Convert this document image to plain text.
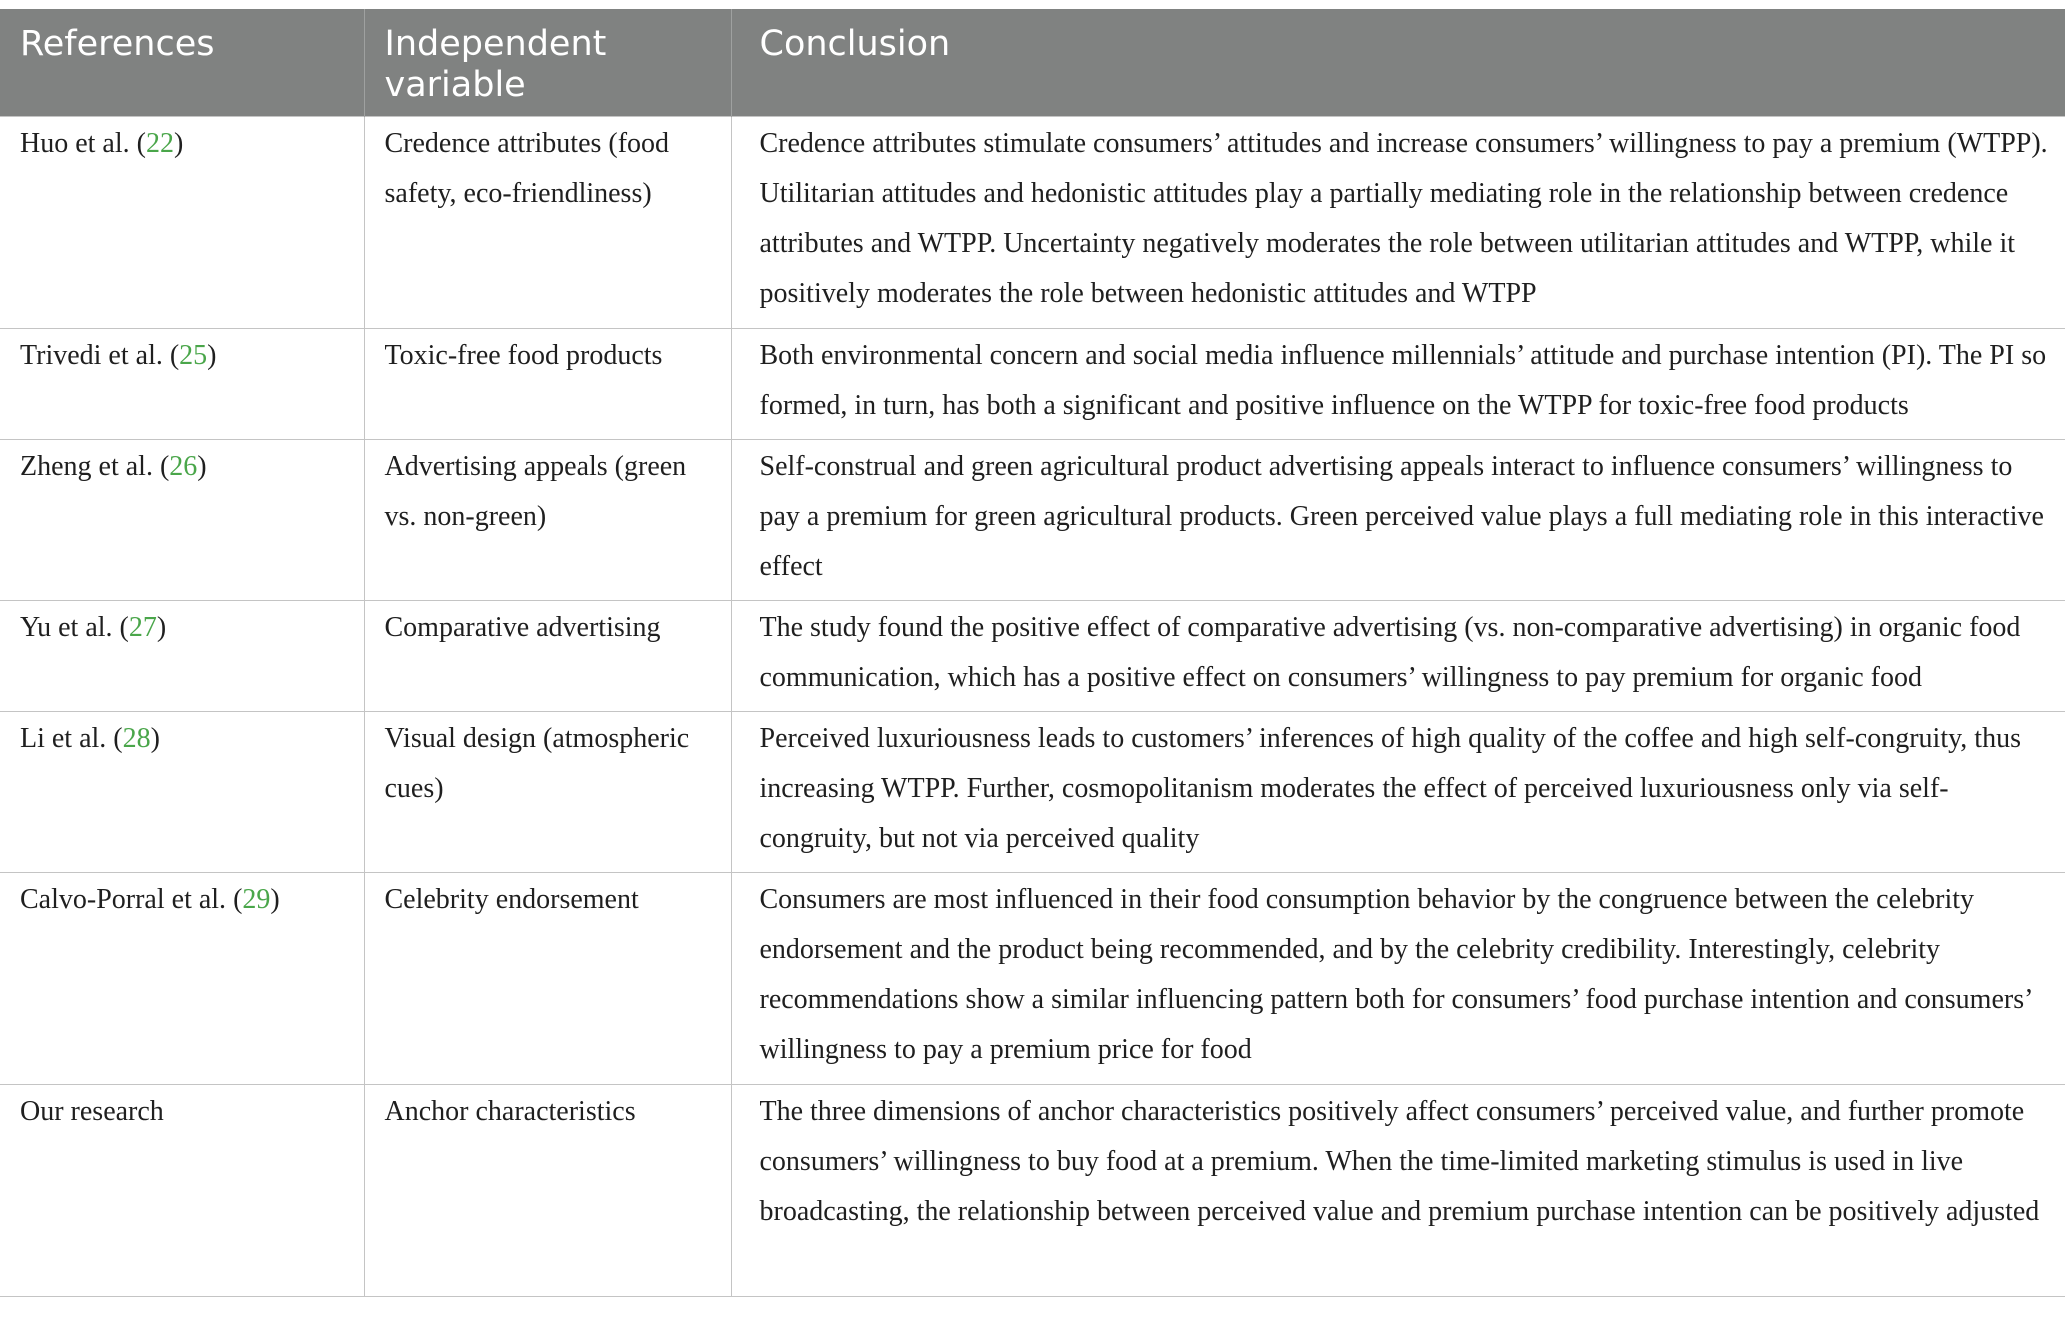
References	Independent variable	Conclusion
Huo et al. (22)	Credence attributes (food safety, eco-friendliness)	Credence attributes stimulate consumers’ attitudes and increase consumers’ willingness to pay a premium (WTPP). Utilitarian attitudes and hedonistic attitudes play a partially mediating role in the relationship between credence attributes and WTPP. Uncertainty negatively moderates the role between utilitarian attitudes and WTPP, while it positively moderates the role between hedonistic attitudes and WTPP
Trivedi et al. (25)	Toxic-free food products	Both environmental concern and social media influence millennials’ attitude and purchase intention (PI). The PI so formed, in turn, has both a significant and positive influence on the WTPP for toxic-free food products
Zheng et al. (26)	Advertising appeals (green vs. non-green)	Self-construal and green agricultural product advertising appeals interact to influence consumers’ willingness to pay a premium for green agricultural products. Green perceived value plays a full mediating role in this interactive effect
Yu et al. (27)	Comparative advertising	The study found the positive effect of comparative advertising (vs. non-comparative advertising) in organic food communication, which has a positive effect on consumers’ willingness to pay premium for organic food
Li et al. (28)	Visual design (atmospheric cues)	Perceived luxuriousness leads to customers’ inferences of high quality of the coffee and high self-congruity, thus increasing WTPP. Further, cosmopolitanism moderates the effect of perceived luxuriousness only via self-congruity, but not via perceived quality
Calvo-Porral et al. (29)	Celebrity endorsement	Consumers are most influenced in their food consumption behavior by the congruence between the celebrity endorsement and the product being recommended, and by the celebrity credibility. Interestingly, celebrity recommendations show a similar influencing pattern both for consumers’ food purchase intention and consumers’ willingness to pay a premium price for food
Our research	Anchor characteristics	The three dimensions of anchor characteristics positively affect consumers’ perceived value, and further promote consumers’ willingness to buy food at a premium. When the time-limited marketing stimulus is used in live broadcasting, the relationship between perceived value and premium purchase intention can be positively adjusted
